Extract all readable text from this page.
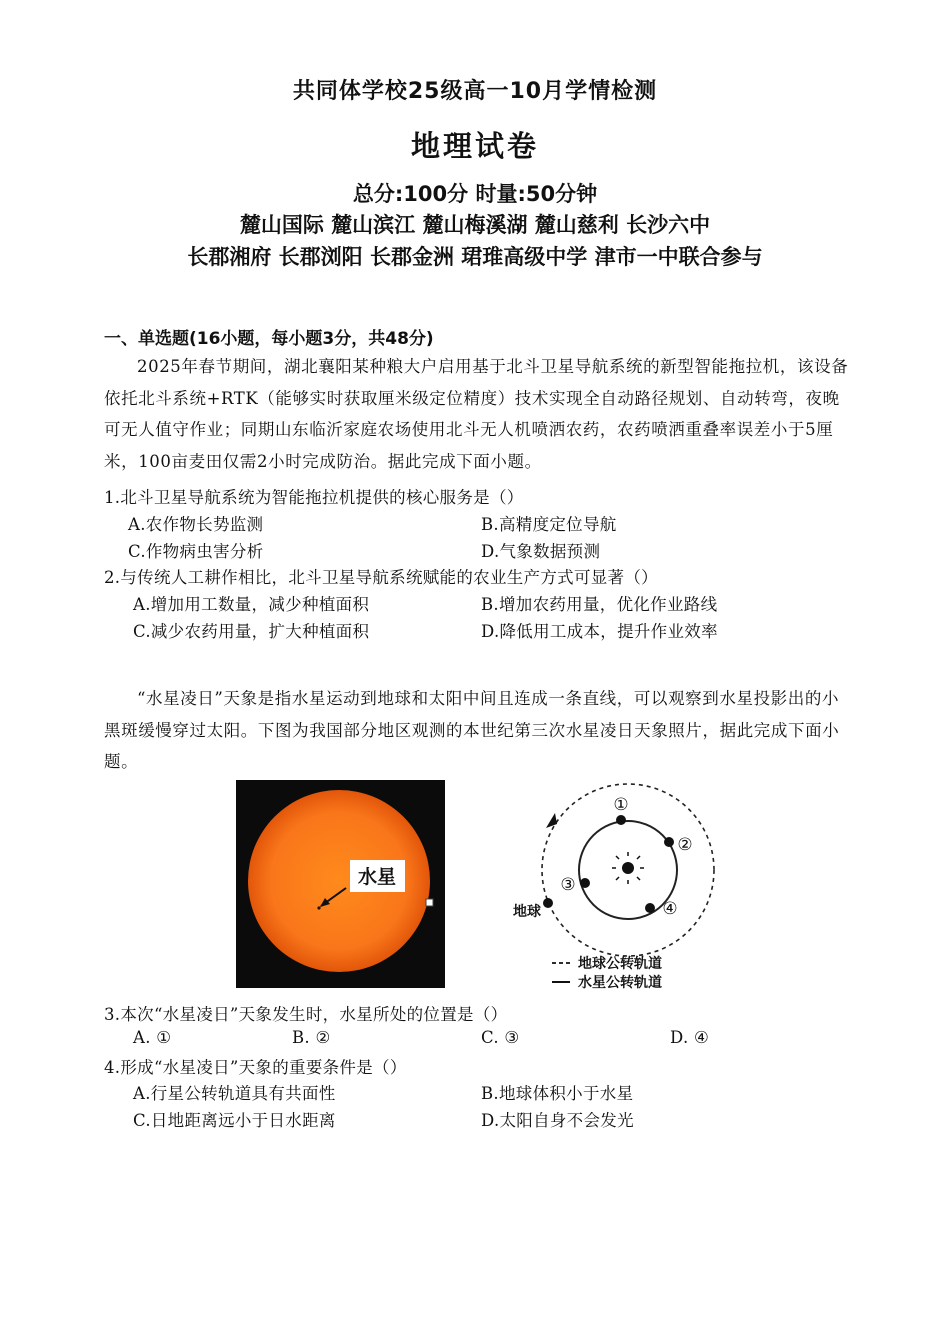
共同体学校25级高一10月学情检测
地理试卷
总分:100分 时量:50分钟
麓山国际 麓山滨江 麓山梅溪湖 麓山慈利 长沙六中
长郡湘府 长郡浏阳 长郡金洲 珺琟高级中学 津市一中联合参与
一、单选题(16小题，每小题3分，共48分)
2025年春节期间，湖北襄阳某种粮大户启用基于北斗卫星导航系统的新型智能拖拉机，该设备依托北斗系统+RTK（能够实时获取厘米级定位精度）技术实现全自动路径规划、自动转弯，夜晚可无人值守作业；同期山东临沂家庭农场使用北斗无人机喷洒农药，农药喷洒重叠率误差小于5厘米，100亩麦田仅需2小时完成防治。据此完成下面小题。
1.北斗卫星导航系统为智能拖拉机提供的核心服务是（）
A.农作物长势监测	B.高精度定位导航
C.作物病虫害分析	D.气象数据预测
2.与传统人工耕作相比，北斗卫星导航系统赋能的农业生产方式可显著（）
A.增加用工数量，减少种植面积	B.增加农药用量，优化作业路线
C.减少农药用量，扩大种植面积	D.降低用工成本，提升作业效率
“水星凌日”天象是指水星运动到地球和太阳中间且连成一条直线，可以观察到水星投影出的小黑斑缓慢穿过太阳。下图为我国部分地区观测的本世纪第三次水星凌日天象照片，据此完成下面小题。
水星
①
②
③
④
地球
地球公转轨道
水星公转轨道
3.本次“水星凌日”天象发生时，水星所处的位置是（）
A. ①	B. ②	C. ③	D. ④
4.形成“水星凌日”天象的重要条件是（）
A.行星公转轨道具有共面性	B.地球体积小于水星
C.日地距离远小于日水距离	D.太阳自身不会发光
